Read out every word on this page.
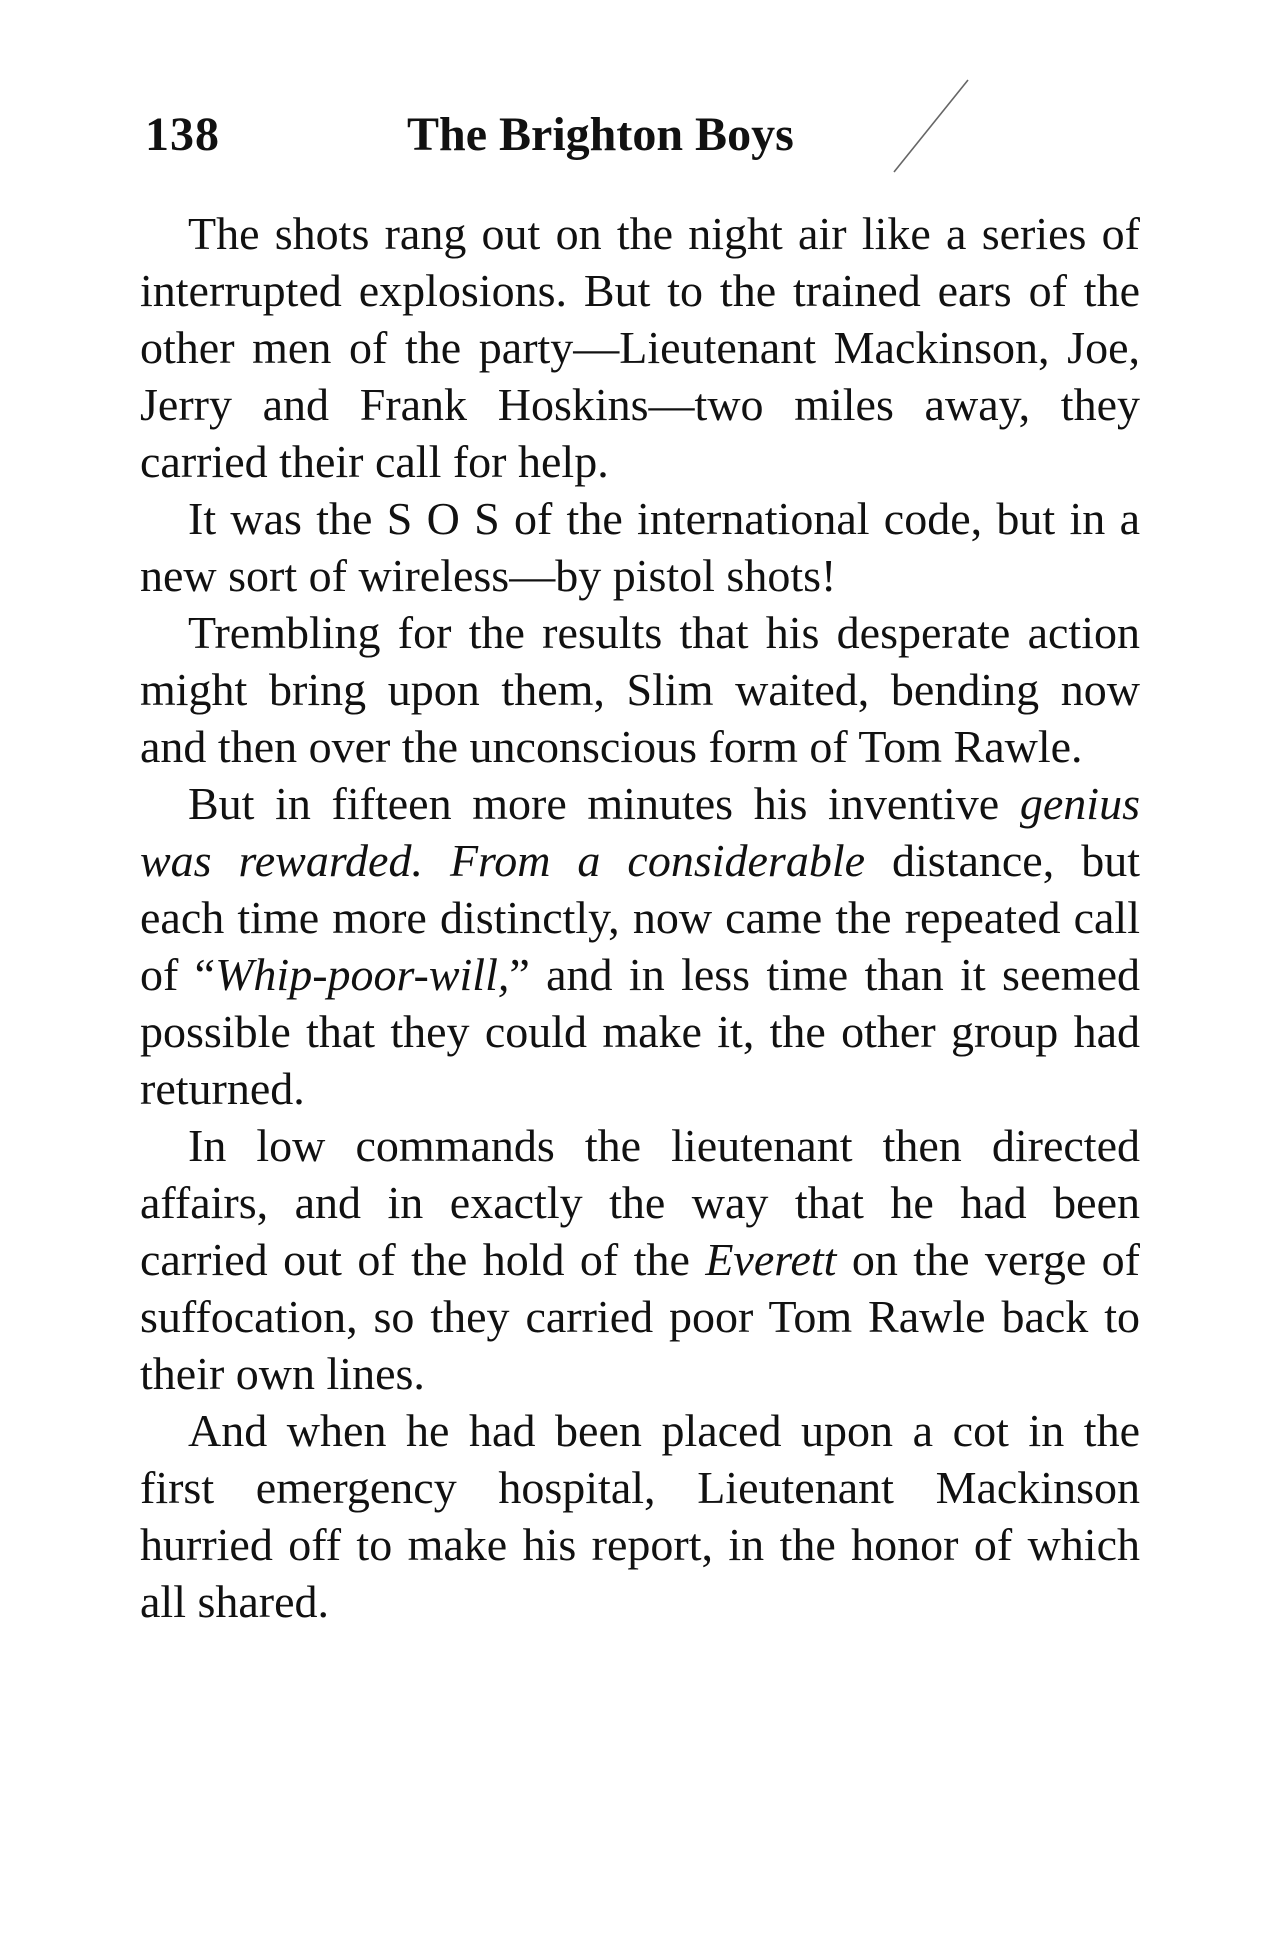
138	The Brighton Boys

The shots rang out on the night air like a series of interrupted explosions. But to the trained ears of the other men of the party—Lieutenant Mackinson, Joe, Jerry and Frank Hoskins—two miles away, they carried their call for help.

It was the S O S of the international code, but in a new sort of wireless—by pistol shots!

Trembling for the results that his desperate action might bring upon them, Slim waited, bending now and then over the unconscious form of Tom Rawle.

But in fifteen more minutes his inventive genius was rewarded. From a considerable distance, but each time more distinctly, now came the repeated call of “Whip-poor-will,” and in less time than it seemed possible that they could make it, the other group had returned.

In low commands the lieutenant then directed affairs, and in exactly the way that he had been carried out of the hold of the Everett on the verge of suffocation, so they carried poor Tom Rawle back to their own lines.

And when he had been placed upon a cot in the first emergency hospital, Lieutenant Mackinson hurried off to make his report, in the honor of which all shared.
